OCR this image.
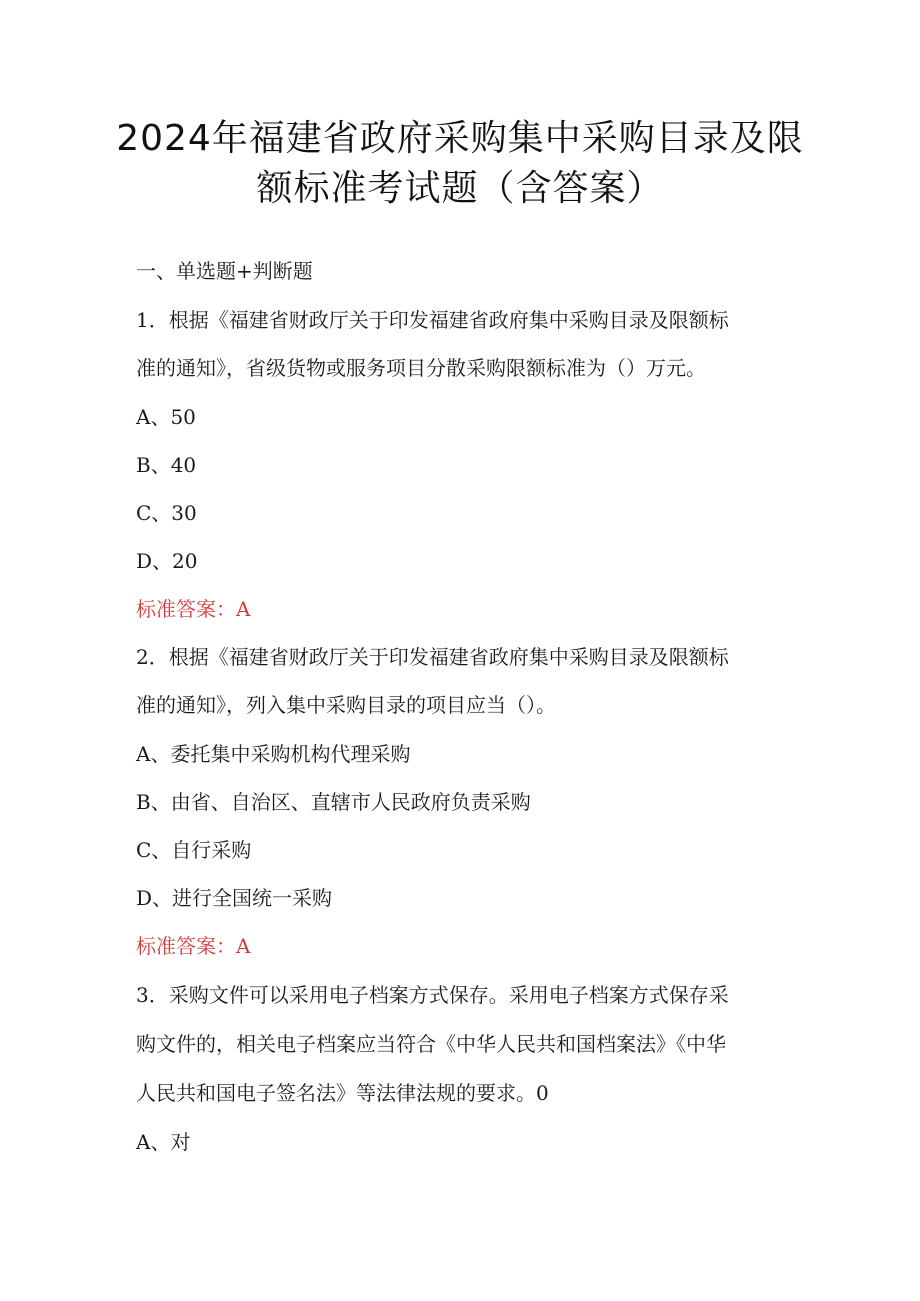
2024年福建省政府采购集中采购目录及限
额标准考试题（含答案）
一、单选题+判断题
1．根据《福建省财政厅关于印发福建省政府集中采购目录及限额标
准的通知》，省级货物或服务项目分散采购限额标准为（）万元。
A、50
B、40
C、30
D、20
标准答案：A
2．根据《福建省财政厅关于印发福建省政府集中采购目录及限额标
准的通知》，列入集中采购目录的项目应当（）。
A、委托集中采购机构代理采购
B、由省、自治区、直辖市人民政府负责采购
C、自行采购
D、进行全国统一采购
标准答案：A
3．采购文件可以采用电子档案方式保存。采用电子档案方式保存采
购文件的，相关电子档案应当符合《中华人民共和国档案法》《中华
人民共和国电子签名法》等法律法规的要求。0
A、对
